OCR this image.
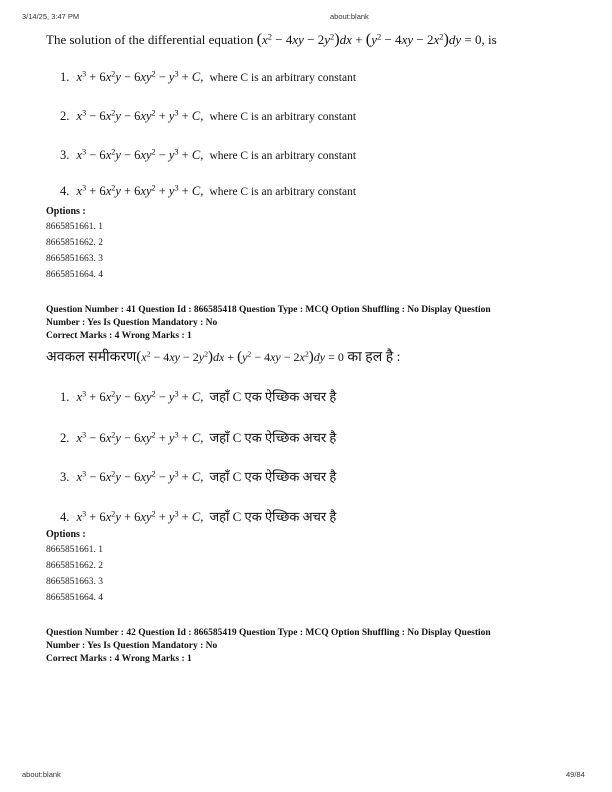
3/14/25, 3:47 PM	about:blank
The solution of the differential equation $(x^2 - 4xy - 2y^2)dx + (y^2 - 4xy - 2x^2)dy = 0$, is
1. $x^3 + 6x^2y - 6xy^2 - y^3 + C$, where C is an arbitrary constant
2. $x^3 - 6x^2y - 6xy^2 + y^3 + C$, where C is an arbitrary constant
3. $x^3 - 6x^2y - 6xy^2 - y^3 + C$, where C is an arbitrary constant
4. $x^3 + 6x^2y + 6xy^2 + y^3 + C$, where C is an arbitrary constant
Options :
8665851661. 1
8665851662. 2
8665851663. 3
8665851664. 4
Question Number : 41 Question Id : 866585418 Question Type : MCQ Option Shuffling : No Display Question
Number : Yes Is Question Mandatory : No
Correct Marks : 4 Wrong Marks : 1
अवकल $समीकरण(x^2 - 4xy - 2y^2)dx + (y^2 - 4xy - 2x^2)dy = 0$ का हल है :
1. $x^3 + 6x^2y - 6xy^2 - y^3 + C$, जहाँ C एक ऐच्छिक अचर है
2. $x^3 - 6x^2y - 6xy^2 + y^3 + C$, जहाँ C एक ऐच्छिक अचर है
3. $x^3 - 6x^2y - 6xy^2 - y^3 + C$, जहाँ C एक ऐच्छिक अचर है
4. $x^3 + 6x^2y + 6xy^2 + y^3 + C$, जहाँ C एक ऐच्छिक अचर है
Options :
8665851661. 1
8665851662. 2
8665851663. 3
8665851664. 4
Question Number : 42 Question Id : 866585419 Question Type : MCQ Option Shuffling : No Display Question
Number : Yes Is Question Mandatory : No
Correct Marks : 4 Wrong Marks : 1
about:blank	49/84
